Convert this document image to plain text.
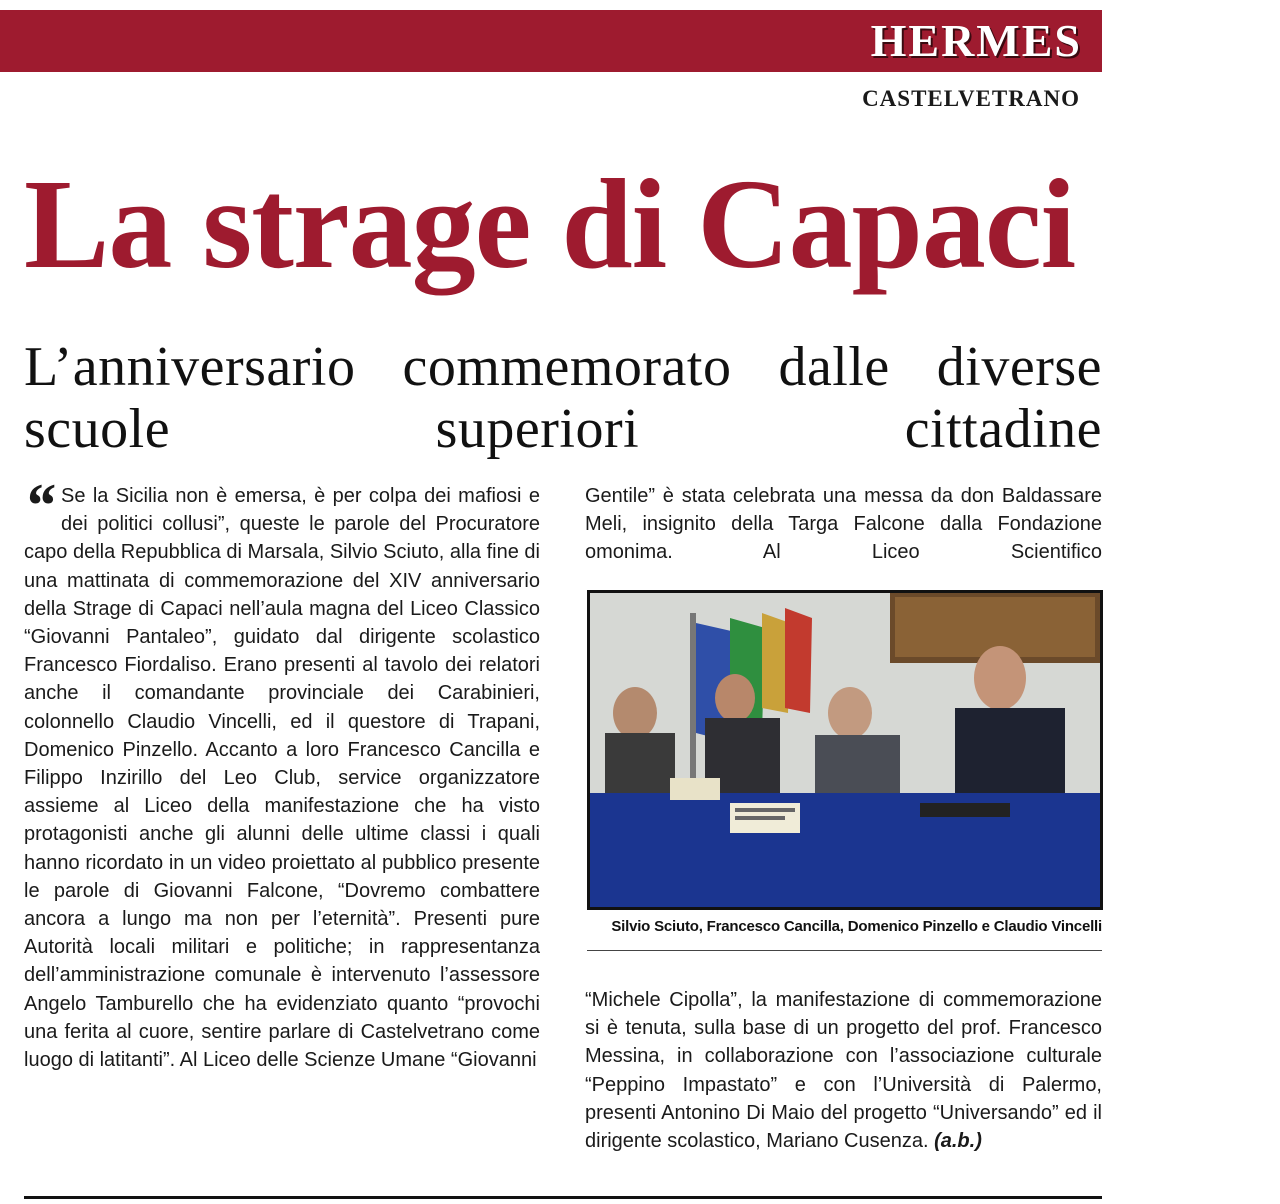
HERMES
CASTELVETRANO
La strage di Capaci
L’anniversario commemorato dalle diverse scuole superiori cittadine
“ Se la Sicilia non è emersa, è per colpa dei mafiosi e dei politici collusi”, queste le parole del Procuratore capo della Repubblica di Marsala, Silvio Sciuto, alla fine di una mattinata di commemorazione del XIV anniversario della Strage di Capaci nell’aula magna del Liceo Classico “Giovanni Pantaleo”, guidato dal dirigente scolastico Francesco Fiordaliso. Erano presenti al tavolo dei relatori anche il comandante provinciale dei Carabinieri, colonnello Claudio Vincelli, ed il questore di Trapani, Domenico Pinzello. Accanto a loro Francesco Cancilla e Filippo Inzirillo del Leo Club, service organizzatore assieme al Liceo della manifestazione che ha visto protagonisti anche gli alunni delle ultime classi i quali hanno ricordato in un video proiettato al pubblico presente le parole di Giovanni Falcone, “Dovremo combattere ancora a lungo ma non per l’eternità”. Presenti pure Autorità locali militari e politiche; in rappresentanza dell’amministrazione comunale è intervenuto l’assessore Angelo Tamburello che ha evidenziato quanto “provochi una ferita al cuore, sentire parlare di Castelvetrano come luogo di latitanti”. Al Liceo delle Scienze Umane “Giovanni
Gentile” è stata celebrata una messa da don Baldassare Meli, insignito della Targa Falcone dalla Fondazione omonima. Al Liceo Scientifico
Silvio Sciuto, Francesco Cancilla, Domenico Pinzello e Claudio Vincelli
“Michele Cipolla”, la manifestazione di commemorazione si è tenuta, sulla base di un progetto del prof. Francesco Messina, in collaborazione con l’associazione culturale “Peppino Impastato” e con l’Università di Palermo, presenti Antonino Di Maio del progetto “Universando” ed il dirigente scolastico, Mariano Cusenza. (a.b.)
